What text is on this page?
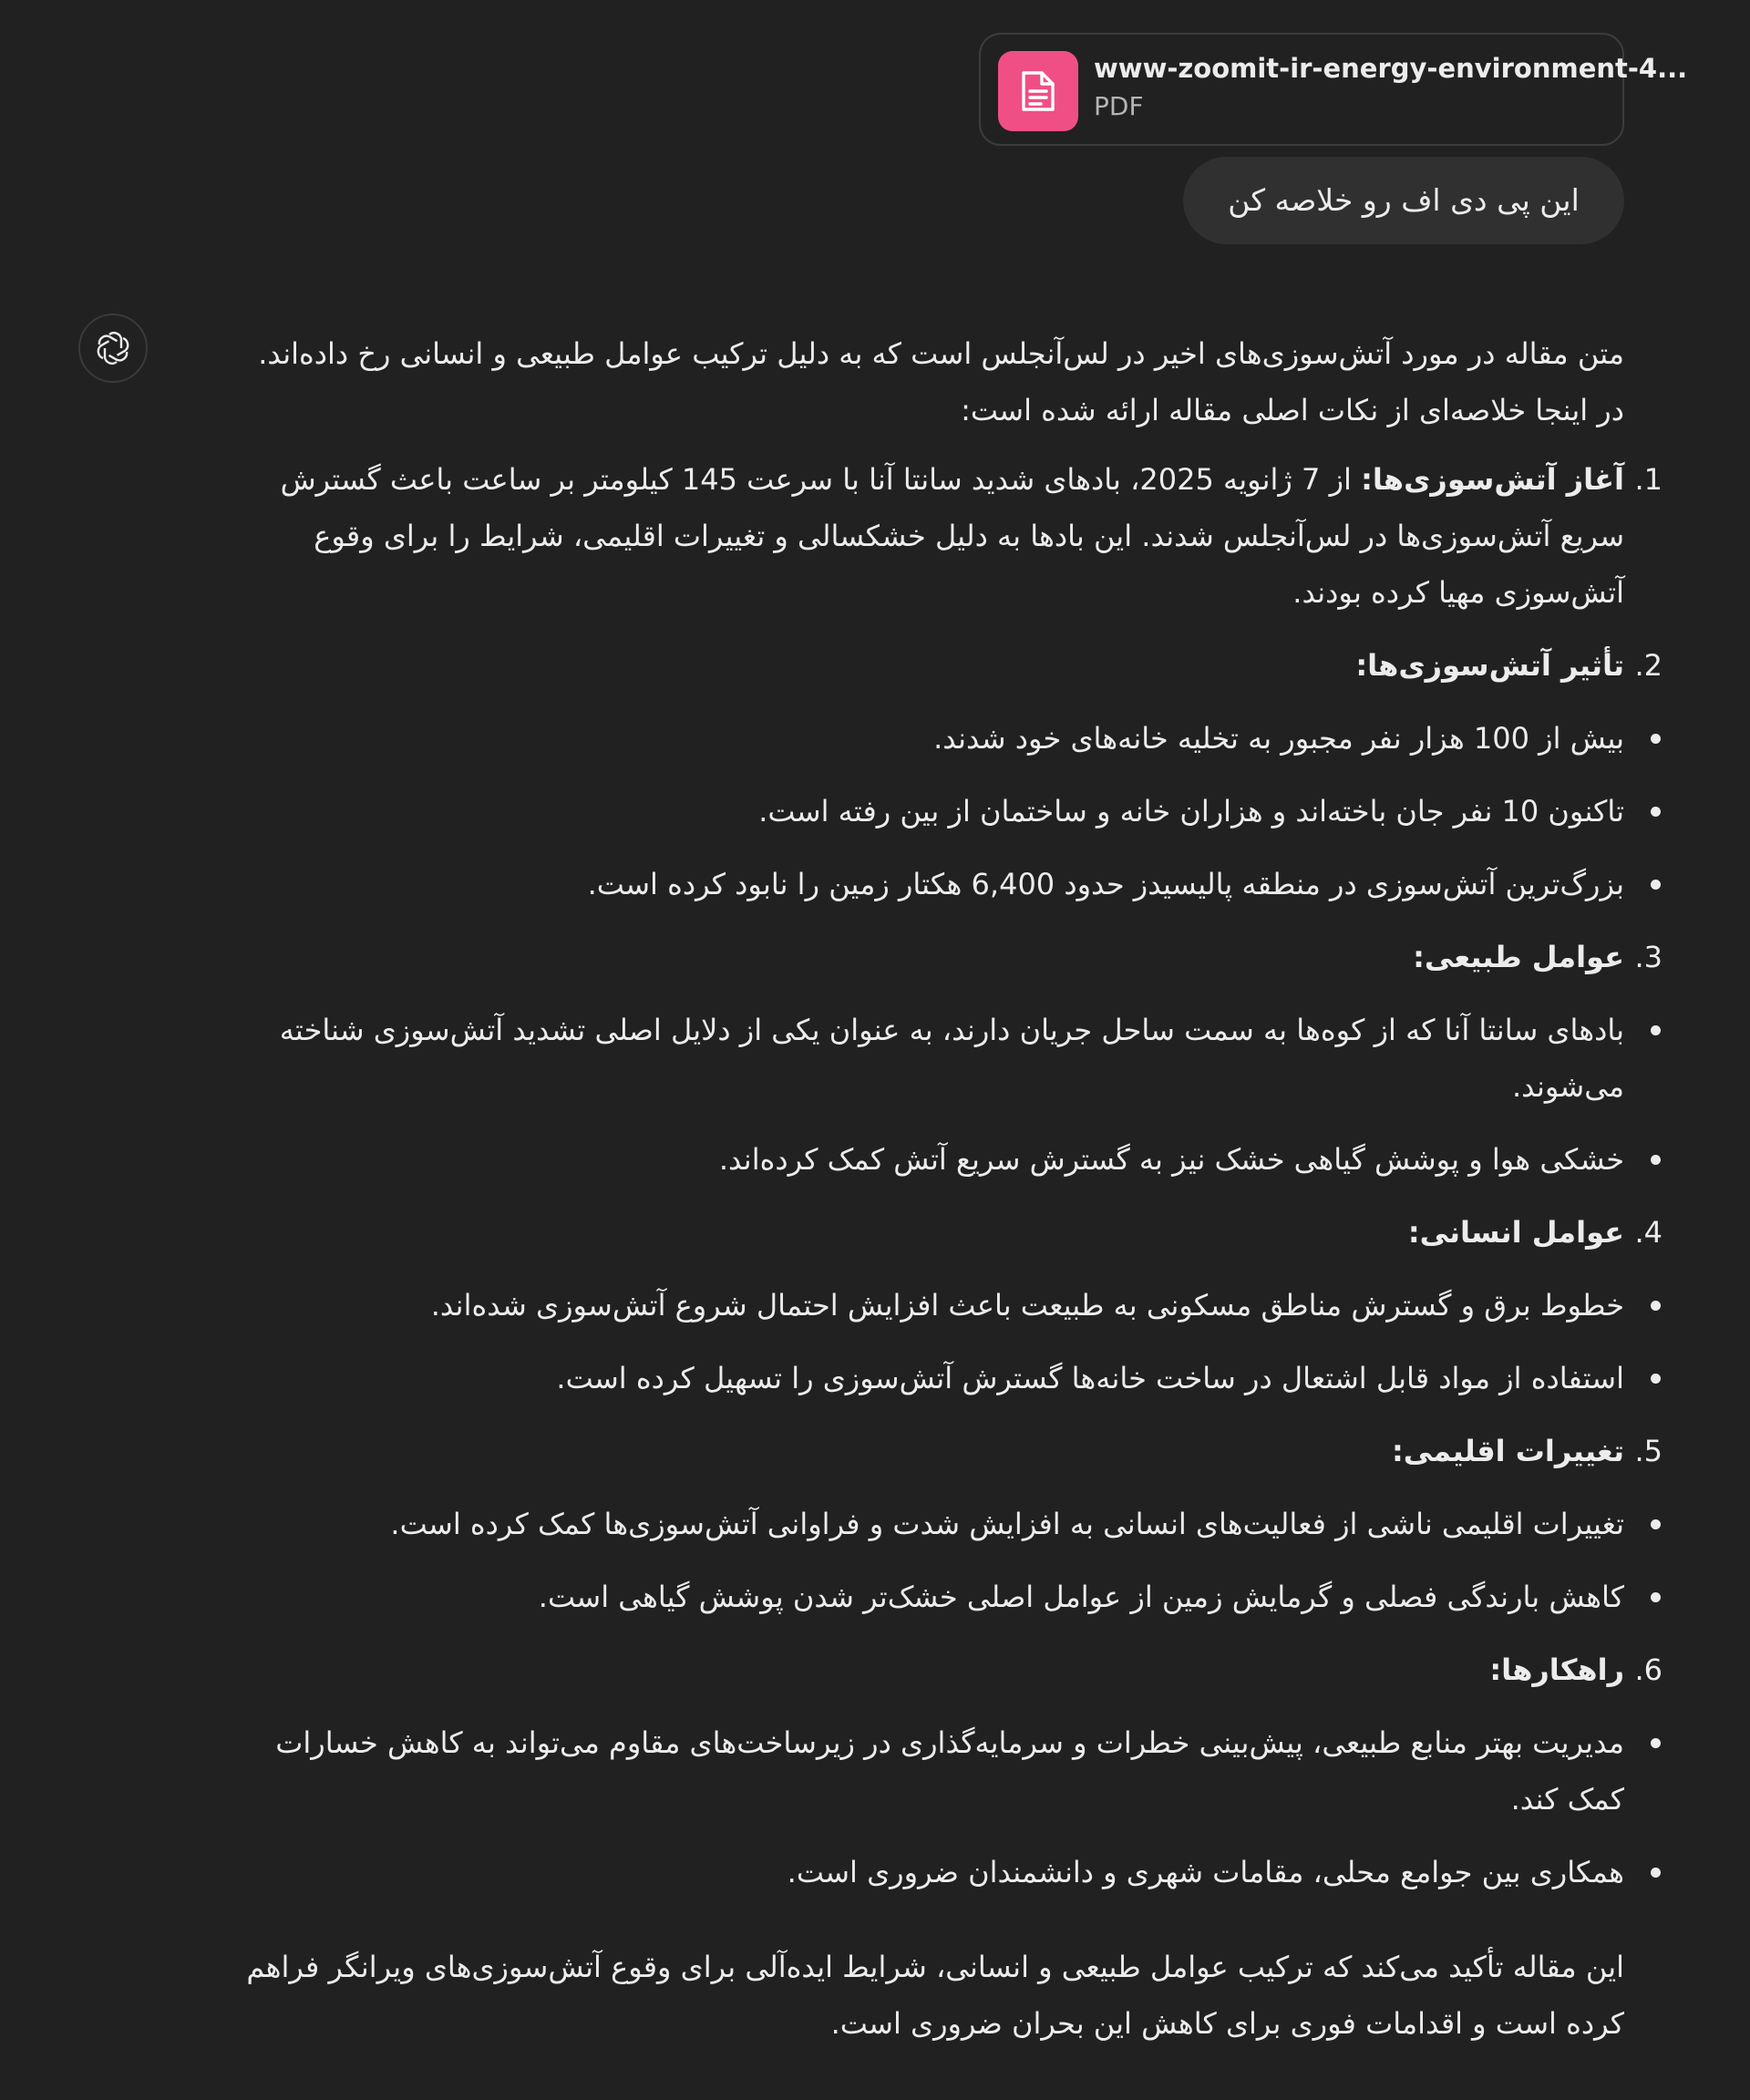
www-zoomit-ir-energy-environment-4...
PDF
این پی دی اف رو خلاصه کن

متن مقاله در مورد آتش‌سوزی‌های اخیر در لس‌آنجلس است که به دلیل ترکیب عوامل طبیعی و انسانی رخ داده‌اند. در اینجا خلاصه‌ای از نکات اصلی مقاله ارائه شده است:

1.
آغاز آتش‌سوزی‌ها: از 7 ژانویه 2025، بادهای شدید سانتا آنا با سرعت 145 کیلومتر بر ساعت باعث گسترش سریع آتش‌سوزی‌ها در لس‌آنجلس شدند. این بادها به دلیل خشکسالی و تغییرات اقلیمی، شرایط را برای وقوع آتش‌سوزی مهیا کرده بودند.
2.
تأثیر آتش‌سوزی‌ها:
بیش از 100 هزار نفر مجبور به تخلیه خانه‌های خود شدند.
تاکنون 10 نفر جان باخته‌اند و هزاران خانه و ساختمان از بین رفته است.
بزرگ‌ترین آتش‌سوزی در منطقه پالیسیدز حدود 6,400 هکتار زمین را نابود کرده است.
3.
عوامل طبیعی:
بادهای سانتا آنا که از کوه‌ها به سمت ساحل جریان دارند، به عنوان یکی از دلایل اصلی تشدید آتش‌سوزی شناخته می‌شوند.
خشکی هوا و پوشش گیاهی خشک نیز به گسترش سریع آتش کمک کرده‌اند.
4.
عوامل انسانی:
خطوط برق و گسترش مناطق مسکونی به طبیعت باعث افزایش احتمال شروع آتش‌سوزی شده‌اند.
استفاده از مواد قابل اشتعال در ساخت خانه‌ها گسترش آتش‌سوزی را تسهیل کرده است.
5.
تغییرات اقلیمی:
تغییرات اقلیمی ناشی از فعالیت‌های انسانی به افزایش شدت و فراوانی آتش‌سوزی‌ها کمک کرده است.
کاهش بارندگی فصلی و گرمایش زمین از عوامل اصلی خشک‌تر شدن پوشش گیاهی است.
6.
راهکارها:
مدیریت بهتر منابع طبیعی، پیش‌بینی خطرات و سرمایه‌گذاری در زیرساخت‌های مقاوم می‌تواند به کاهش خسارات کمک کند.
همکاری بین جوامع محلی، مقامات شهری و دانشمندان ضروری است.

این مقاله تأکید می‌کند که ترکیب عوامل طبیعی و انسانی، شرایط ایده‌آلی برای وقوع آتش‌سوزی‌های ویرانگر فراهم کرده است و اقدامات فوری برای کاهش این بحران ضروری است.
